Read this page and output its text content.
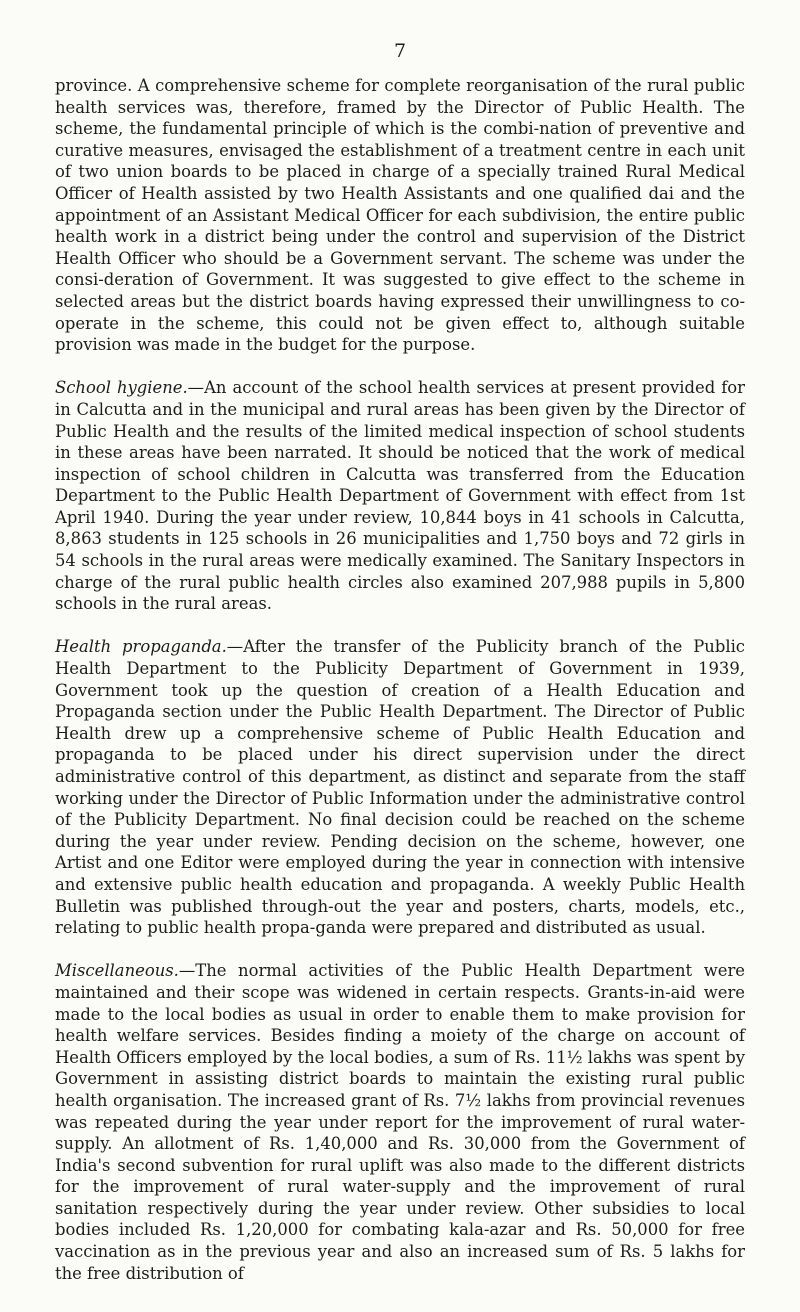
7

province. A comprehensive scheme for complete reorganisation of the rural public health services was, therefore, framed by the Director of Public Health. The scheme, the fundamental principle of which is the combi-nation of preventive and curative measures, envisaged the establishment of a treatment centre in each unit of two union boards to be placed in charge of a specially trained Rural Medical Officer of Health assisted by two Health Assistants and one qualified dai and the appointment of an Assistant Medical Officer for each subdivision, the entire public health work in a district being under the control and supervision of the District Health Officer who should be a Government servant. The scheme was under the consi-deration of Government. It was suggested to give effect to the scheme in selected areas but the district boards having expressed their unwillingness to co-operate in the scheme, this could not be given effect to, although suitable provision was made in the budget for the purpose.

School hygiene.—An account of the school health services at present provided for in Calcutta and in the municipal and rural areas has been given by the Director of Public Health and the results of the limited medical inspection of school students in these areas have been narrated. It should be noticed that the work of medical inspection of school children in Calcutta was transferred from the Education Department to the Public Health Department of Government with effect from 1st April 1940. During the year under review, 10,844 boys in 41 schools in Calcutta, 8,863 students in 125 schools in 26 municipalities and 1,750 boys and 72 girls in 54 schools in the rural areas were medically examined. The Sanitary Inspectors in charge of the rural public health circles also examined 207,988 pupils in 5,800 schools in the rural areas.

Health propaganda.—After the transfer of the Publicity branch of the Public Health Department to the Publicity Department of Government in 1939, Government took up the question of creation of a Health Education and Propaganda section under the Public Health Department. The Director of Public Health drew up a comprehensive scheme of Public Health Education and propaganda to be placed under his direct supervision under the direct administrative control of this department, as distinct and separate from the staff working under the Director of Public Information under the administrative control of the Publicity Department. No final decision could be reached on the scheme during the year under review. Pending decision on the scheme, however, one Artist and one Editor were employed during the year in connection with intensive and extensive public health education and propaganda. A weekly Public Health Bulletin was published through-out the year and posters, charts, models, etc., relating to public health propa-ganda were prepared and distributed as usual.

Miscellaneous.—The normal activities of the Public Health Department were maintained and their scope was widened in certain respects. Grants-in-aid were made to the local bodies as usual in order to enable them to make provision for health welfare services. Besides finding a moiety of the charge on account of Health Officers employed by the local bodies, a sum of Rs. 11½ lakhs was spent by Government in assisting district boards to maintain the existing rural public health organisation. The increased grant of Rs. 7½ lakhs from provincial revenues was repeated during the year under report for the improvement of rural water-supply. An allotment of Rs. 1,40,000 and Rs. 30,000 from the Government of India's second subvention for rural uplift was also made to the different districts for the improvement of rural water-supply and the improvement of rural sanitation respectively during the year under review. Other subsidies to local bodies included Rs. 1,20,000 for combating kala-azar and Rs. 50,000 for free vaccination as in the previous year and also an increased sum of Rs. 5 lakhs for the free distribution of
